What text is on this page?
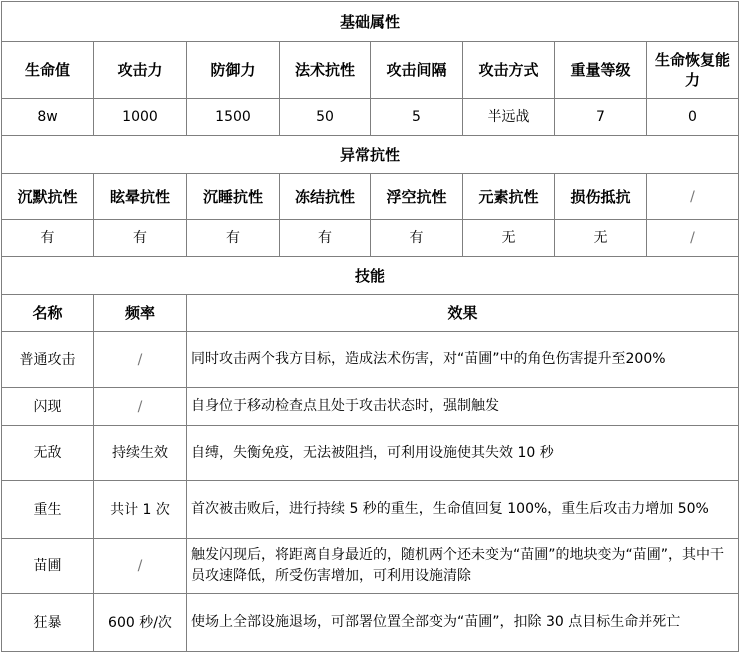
基础属性							
生命值	攻击力	防御力	法术抗性	攻击间隔	攻击方式	重量等级	生命恢复能力
8w	1000	1500	50	5	半远战	7	0
异常抗性							
沉默抗性	眩晕抗性	沉睡抗性	冻结抗性	浮空抗性	元素抗性	损伤抵抗	/
有	有	有	有	有	无	无	/
技能							
名称	频率	效果					
普通攻击	/	同时攻击两个我方目标，造成法术伤害，对“苗圃”中的角色伤害提升至200%					
闪现	/	自身位于移动检查点且处于攻击状态时，强制触发					
无敌	持续生效	自缚，失衡免疫，无法被阻挡，可利用设施使其失效 10 秒					
重生	共计 1 次	首次被击败后，进行持续 5 秒的重生，生命值回复 100%，重生后攻击力增加 50%					
苗圃	/	触发闪现后，将距离自身最近的，随机两个还未变为“苗圃”的地块变为“苗圃”，其中干员攻速降低，所受伤害增加，可利用设施清除					
狂暴	600 秒/次	使场上全部设施退场，可部署位置全部变为“苗圃”，扣除 30 点目标生命并死亡					
